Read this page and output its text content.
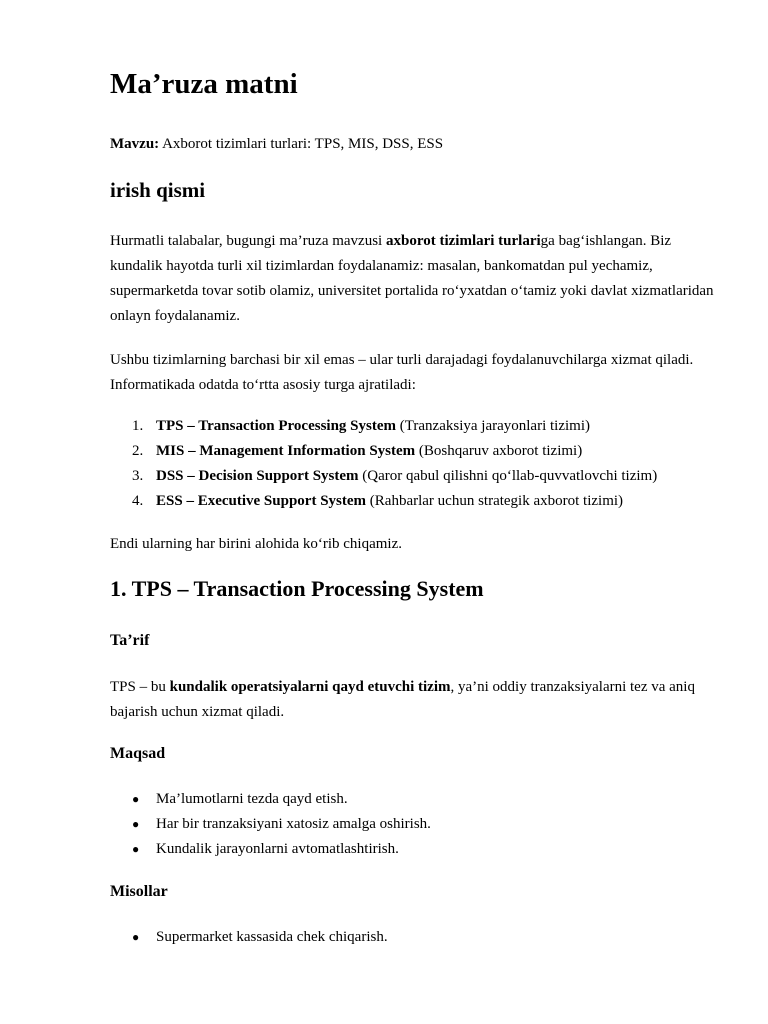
Ma’ruza matni

Mavzu: Axborot tizimlari turlari: TPS, MIS, DSS, ESS

irish qismi

Hurmatli talabalar, bugungi ma’ruza mavzusi axborot tizimlari turlariga bag‘ishlangan. Biz kundalik hayotda turli xil tizimlardan foydalanamiz: masalan, bankomatdan pul yechamiz, supermarketda tovar sotib olamiz, universitet portalida ro‘yxatdan o‘tamiz yoki davlat xizmatlaridan onlayn foydalanamiz.

Ushbu tizimlarning barchasi bir xil emas – ular turli darajadagi foydalanuvchilarga xizmat qiladi. Informatikada odatda to‘rtta asosiy turga ajratiladi:

1. TPS – Transaction Processing System (Tranzaksiya jarayonlari tizimi)
2. MIS – Management Information System (Boshqaruv axborot tizimi)
3. DSS – Decision Support System (Qaror qabul qilishni qo‘llab-quvvatlovchi tizim)
4. ESS – Executive Support System (Rahbarlar uchun strategik axborot tizimi)

Endi ularning har birini alohida ko‘rib chiqamiz.

1. TPS – Transaction Processing System
Ta’rif

TPS – bu kundalik operatsiyalarni qayd etuvchi tizim, ya’ni oddiy tranzaksiyalarni tez va aniq bajarish uchun xizmat qiladi.

Maqsad
● Ma’lumotlarni tezda qayd etish.
● Har bir tranzaksiyani xatosiz amalga oshirish.
● Kundalik jarayonlarni avtomatlashtirish.
Misollar
● Supermarket kassasida chek chiqarish.
